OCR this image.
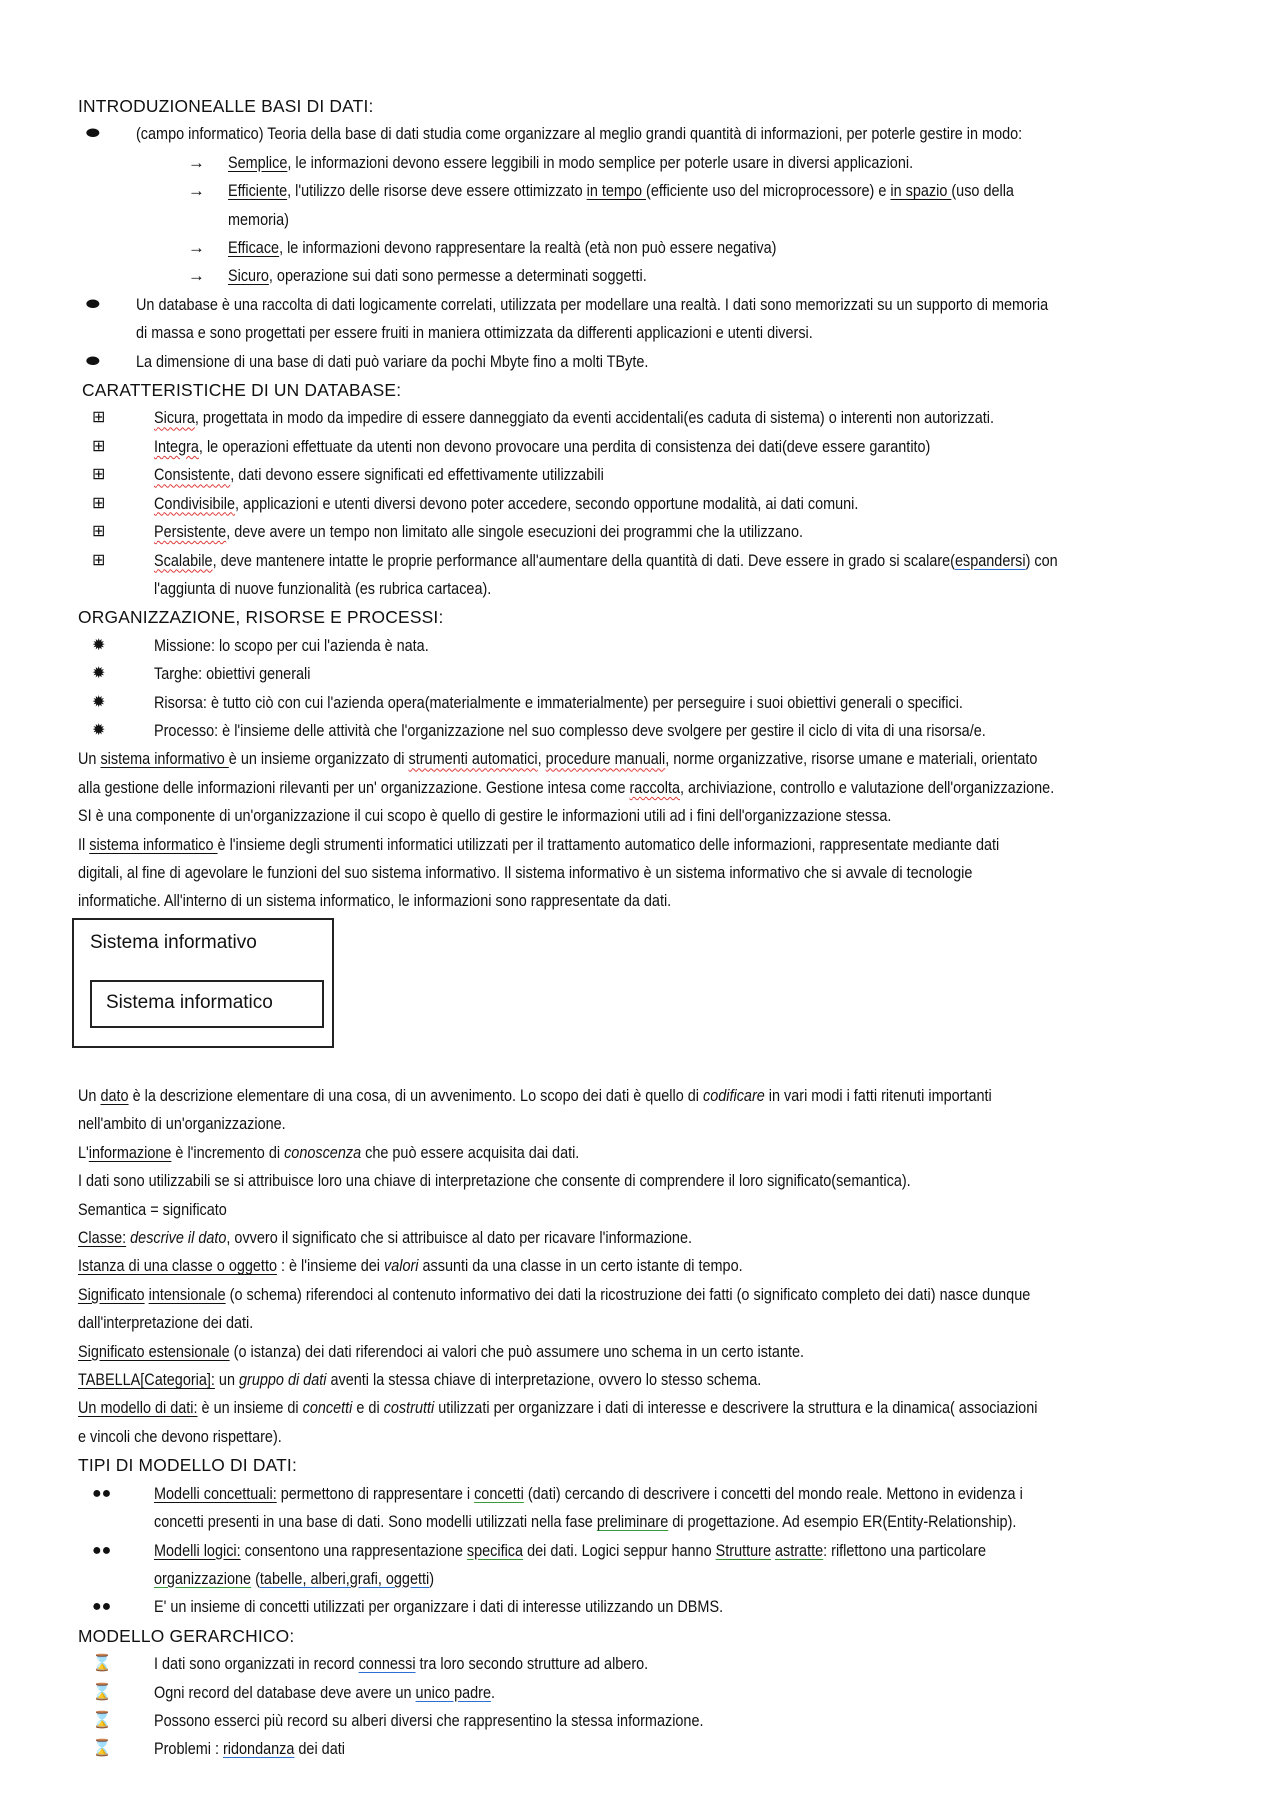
INTRODUZIONEALLE BASI DI DATI:
⬬ (campo informatico) Teoria della base di dati studia come organizzare al meglio grandi quantità di informazioni, per poterle gestire in modo:
→ Semplice, le informazioni devono essere leggibili in modo semplice per poterle usare in diversi applicazioni.
→ Efficiente, l'utilizzo delle risorse deve essere ottimizzato in tempo (efficiente uso del microprocessore) e in spazio (uso della
memoria)
→ Efficace, le informazioni devono rappresentare la realtà (età non può essere negativa)
→ Sicuro, operazione sui dati sono permesse a determinati soggetti.
⬬ Un database è una raccolta di dati logicamente correlati, utilizzata per modellare una realtà. I dati sono memorizzati su un supporto di memoria
di massa e sono progettati per essere fruiti in maniera ottimizzata da differenti applicazioni e utenti diversi.
⬬ La dimensione di una base di dati può variare da pochi Mbyte fino a molti TByte.
CARATTERISTICHE DI UN DATABASE:
⊞	Sicura, progettata in modo da impedire di essere danneggiato da eventi accidentali(es caduta di sistema) o interenti non autorizzati.
⊞	Integra, le operazioni effettuate da utenti non devono provocare una perdita di consistenza dei dati(deve essere garantito)
⊞	Consistente, dati devono essere significati ed effettivamente utilizzabili
⊞	Condivisibile, applicazioni e utenti diversi devono poter accedere, secondo opportune modalità, ai dati comuni.
⊞	Persistente, deve avere un tempo non limitato alle singole esecuzioni dei programmi che la utilizzano.
⊞	Scalabile, deve mantenere intatte le proprie performance all'aumentare della quantità di dati. Deve essere in grado si scalare(espandersi) con
l'aggiunta di nuove funzionalità (es rubrica cartacea).
ORGANIZZAZIONE, RISORSE E PROCESSI:
✹	Missione: lo scopo per cui l'azienda è nata.
✹	Targhe: obiettivi generali
✹	Risorsa: è tutto ciò con cui l'azienda opera(materialmente e immaterialmente) per perseguire i suoi obiettivi generali o specifici.
✹	Processo: è l'insieme delle attività che l'organizzazione nel suo complesso deve svolgere per gestire il ciclo di vita di una risorsa/e.
Un sistema informativo è un insieme organizzato di strumenti automatici, procedure manuali, norme organizzative, risorse umane e materiali, orientato
alla gestione delle informazioni rilevanti per un' organizzazione. Gestione intesa come raccolta, archiviazione, controllo e valutazione dell'organizzazione.
SI è una componente di un'organizzazione il cui scopo è quello di gestire le informazioni utili ad i fini dell'organizzazione stessa.
Il sistema informatico è l'insieme degli strumenti informatici utilizzati per il trattamento automatico delle informazioni, rappresentate mediante dati
digitali, al fine di agevolare le funzioni del suo sistema informativo. Il sistema informativo è un sistema informativo che si avvale di tecnologie
informatiche. All'interno di un sistema informatico, le informazioni sono rappresentate da dati.
Sistema informativo
Sistema informatico
Un dato è la descrizione elementare di una cosa, di un avvenimento. Lo scopo dei dati è quello di codificare in vari modi i fatti ritenuti importanti
nell'ambito di un'organizzazione.
L'informazione è l'incremento di conoscenza che può essere acquisita dai dati.
I dati sono utilizzabili se si attribuisce loro una chiave di interpretazione che consente di comprendere il loro significato(semantica).
Semantica = significato
Classe: descrive il dato, ovvero il significato che si attribuisce al dato per ricavare l'informazione.
Istanza di una classe o oggetto : è l'insieme dei valori assunti da una classe in un certo istante di tempo.
Significato intensionale (o schema) riferendoci al contenuto informativo dei dati la ricostruzione dei fatti (o significato completo dei dati) nasce dunque
dall'interpretazione dei dati.
Significato estensionale (o istanza) dei dati riferendoci ai valori che può assumere uno schema in un certo istante.
TABELLA[Categoria]: un gruppo di dati aventi la stessa chiave di interpretazione, ovvero lo stesso schema.
Un modello di dati: è un insieme di concetti e di costrutti utilizzati per organizzare i dati di interesse e descrivere la struttura e la dinamica( associazioni
e vincoli che devono rispettare).
TIPI DI MODELLO DI DATI:
●●	Modelli concettuali: permettono di rappresentare i concetti (dati) cercando di descrivere i concetti del mondo reale. Mettono in evidenza i
concetti presenti in una base di dati. Sono modelli utilizzati nella fase preliminare di progettazione. Ad esempio ER(Entity-Relationship).
●●	Modelli logici: consentono una rappresentazione specifica dei dati. Logici seppur hanno Strutture astratte: riflettono una particolare
organizzazione (tabelle, alberi,grafi, oggetti)
●●	E' un insieme di concetti utilizzati per organizzare i dati di interesse utilizzando un DBMS.
MODELLO GERARCHICO:
⌛	I dati sono organizzati in record connessi tra loro secondo strutture ad albero.
⌛	Ogni record del database deve avere un unico padre.
⌛	Possono esserci più record su alberi diversi che rappresentino la stessa informazione.
⌛	Problemi : ridondanza dei dati
